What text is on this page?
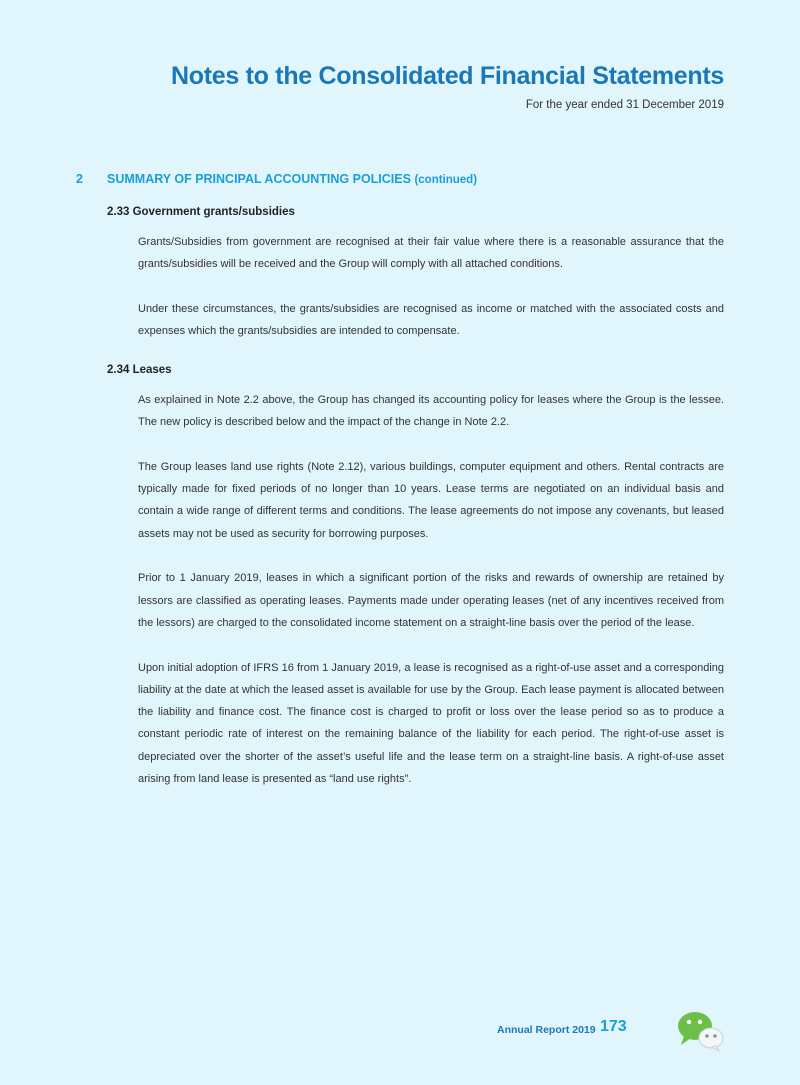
Notes to the Consolidated Financial Statements
For the year ended 31 December 2019
2 SUMMARY OF PRINCIPAL ACCOUNTING POLICIES (continued)
2.33 Government grants/subsidies

Grants/Subsidies from government are recognised at their fair value where there is a reasonable assurance that the grants/subsidies will be received and the Group will comply with all attached conditions.

Under these circumstances, the grants/subsidies are recognised as income or matched with the associated costs and expenses which the grants/subsidies are intended to compensate.

2.34 Leases

As explained in Note 2.2 above, the Group has changed its accounting policy for leases where the Group is the lessee. The new policy is described below and the impact of the change in Note 2.2.

The Group leases land use rights (Note 2.12), various buildings, computer equipment and others. Rental contracts are typically made for fixed periods of no longer than 10 years. Lease terms are negotiated on an individual basis and contain a wide range of different terms and conditions. The lease agreements do not impose any covenants, but leased assets may not be used as security for borrowing purposes.

Prior to 1 January 2019, leases in which a significant portion of the risks and rewards of ownership are retained by lessors are classified as operating leases. Payments made under operating leases (net of any incentives received from the lessors) are charged to the consolidated income statement on a straight-line basis over the period of the lease.

Upon initial adoption of IFRS 16 from 1 January 2019, a lease is recognised as a right-of-use asset and a corresponding liability at the date at which the leased asset is available for use by the Group. Each lease payment is allocated between the liability and finance cost. The finance cost is charged to profit or loss over the lease period so as to produce a constant periodic rate of interest on the remaining balance of the liability for each period. The right-of-use asset is depreciated over the shorter of the asset’s useful life and the lease term on a straight-line basis. A right-of-use asset arising from land lease is presented as “land use rights”.

Annual Report 2019 173
